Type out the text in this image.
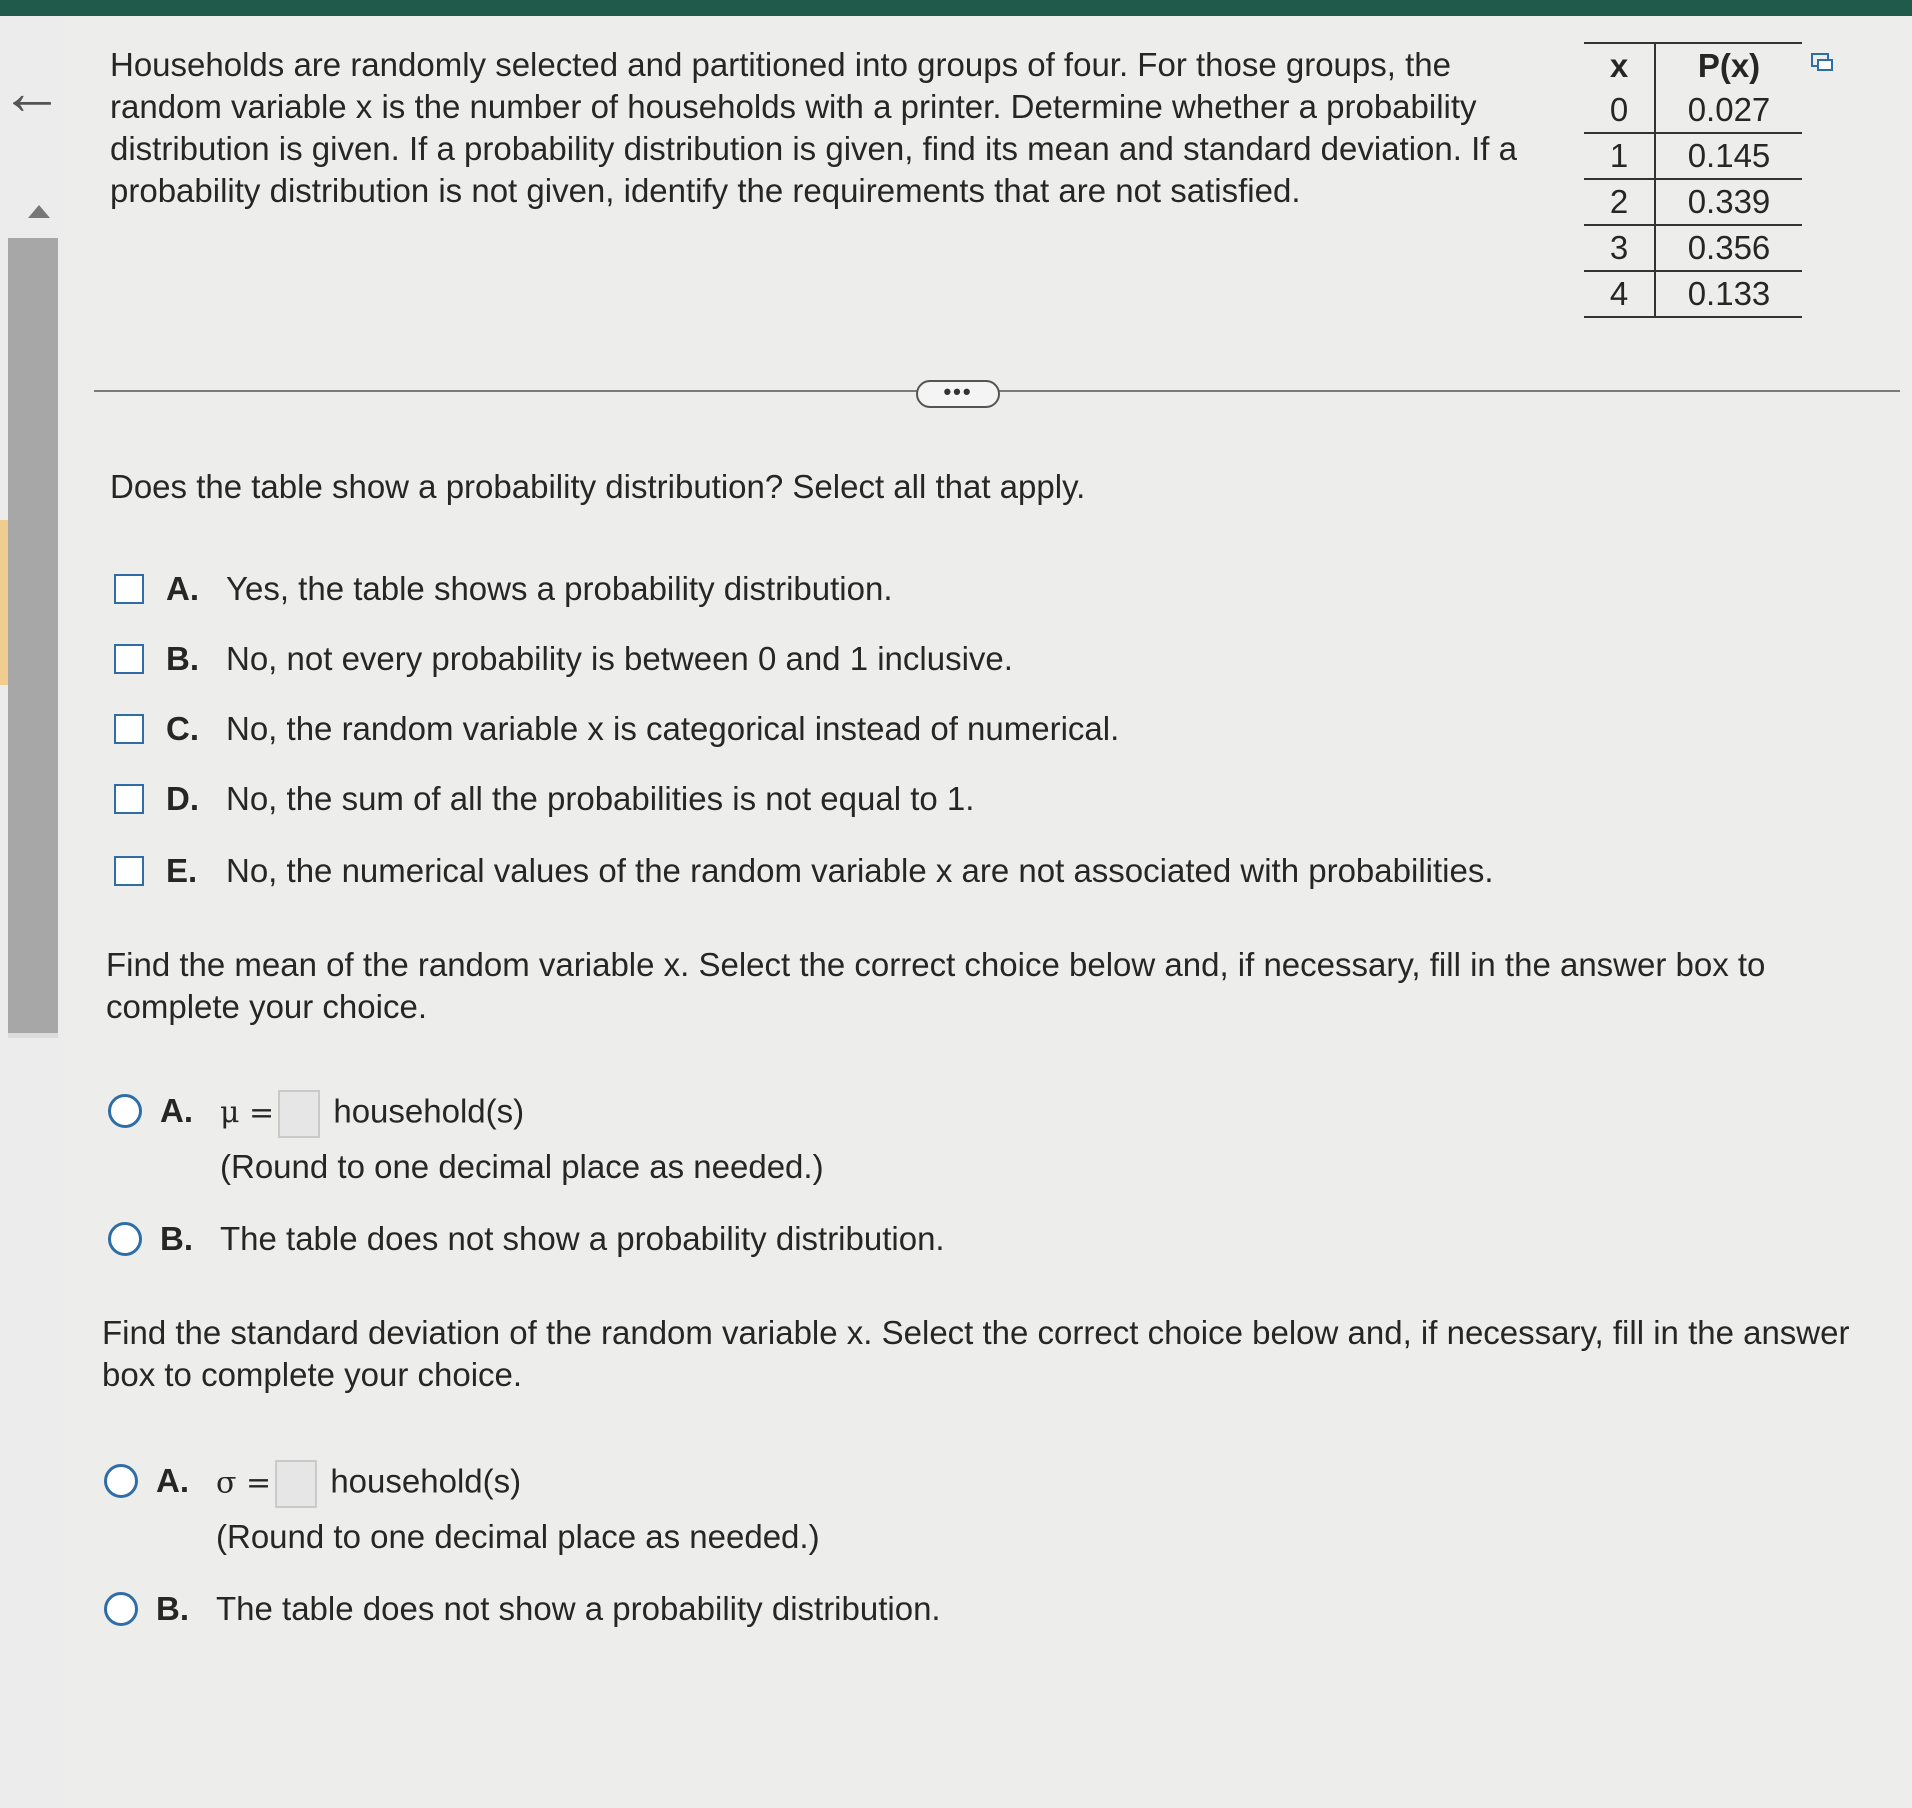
← Households are randomly selected and partitioned into groups of four. For those groups, the random variable x is the number of households with a printer. Determine whether a probability distribution is given. If a probability distribution is given, find its mean and standard deviation. If a probability distribution is not given, identify the requirements that are not satisfied.
x	P(x)
0	0.027
1	0.145
2	0.339
3	0.356
4	0.133
•••
Does the table show a probability distribution? Select all that apply.
A. Yes, the table shows a probability distribution.
B. No, not every probability is between 0 and 1 inclusive.
C. No, the random variable x is categorical instead of numerical.
D. No, the sum of all the probabilities is not equal to 1.
E. No, the numerical values of the random variable x are not associated with probabilities.
Find the mean of the random variable x. Select the correct choice below and, if necessary, fill in the answer box to complete your choice.
A. μ = household(s)
(Round to one decimal place as needed.)
B. The table does not show a probability distribution.
Find the standard deviation of the random variable x. Select the correct choice below and, if necessary, fill in the answer box to complete your choice.
A. σ = household(s)
(Round to one decimal place as needed.)
B. The table does not show a probability distribution.
